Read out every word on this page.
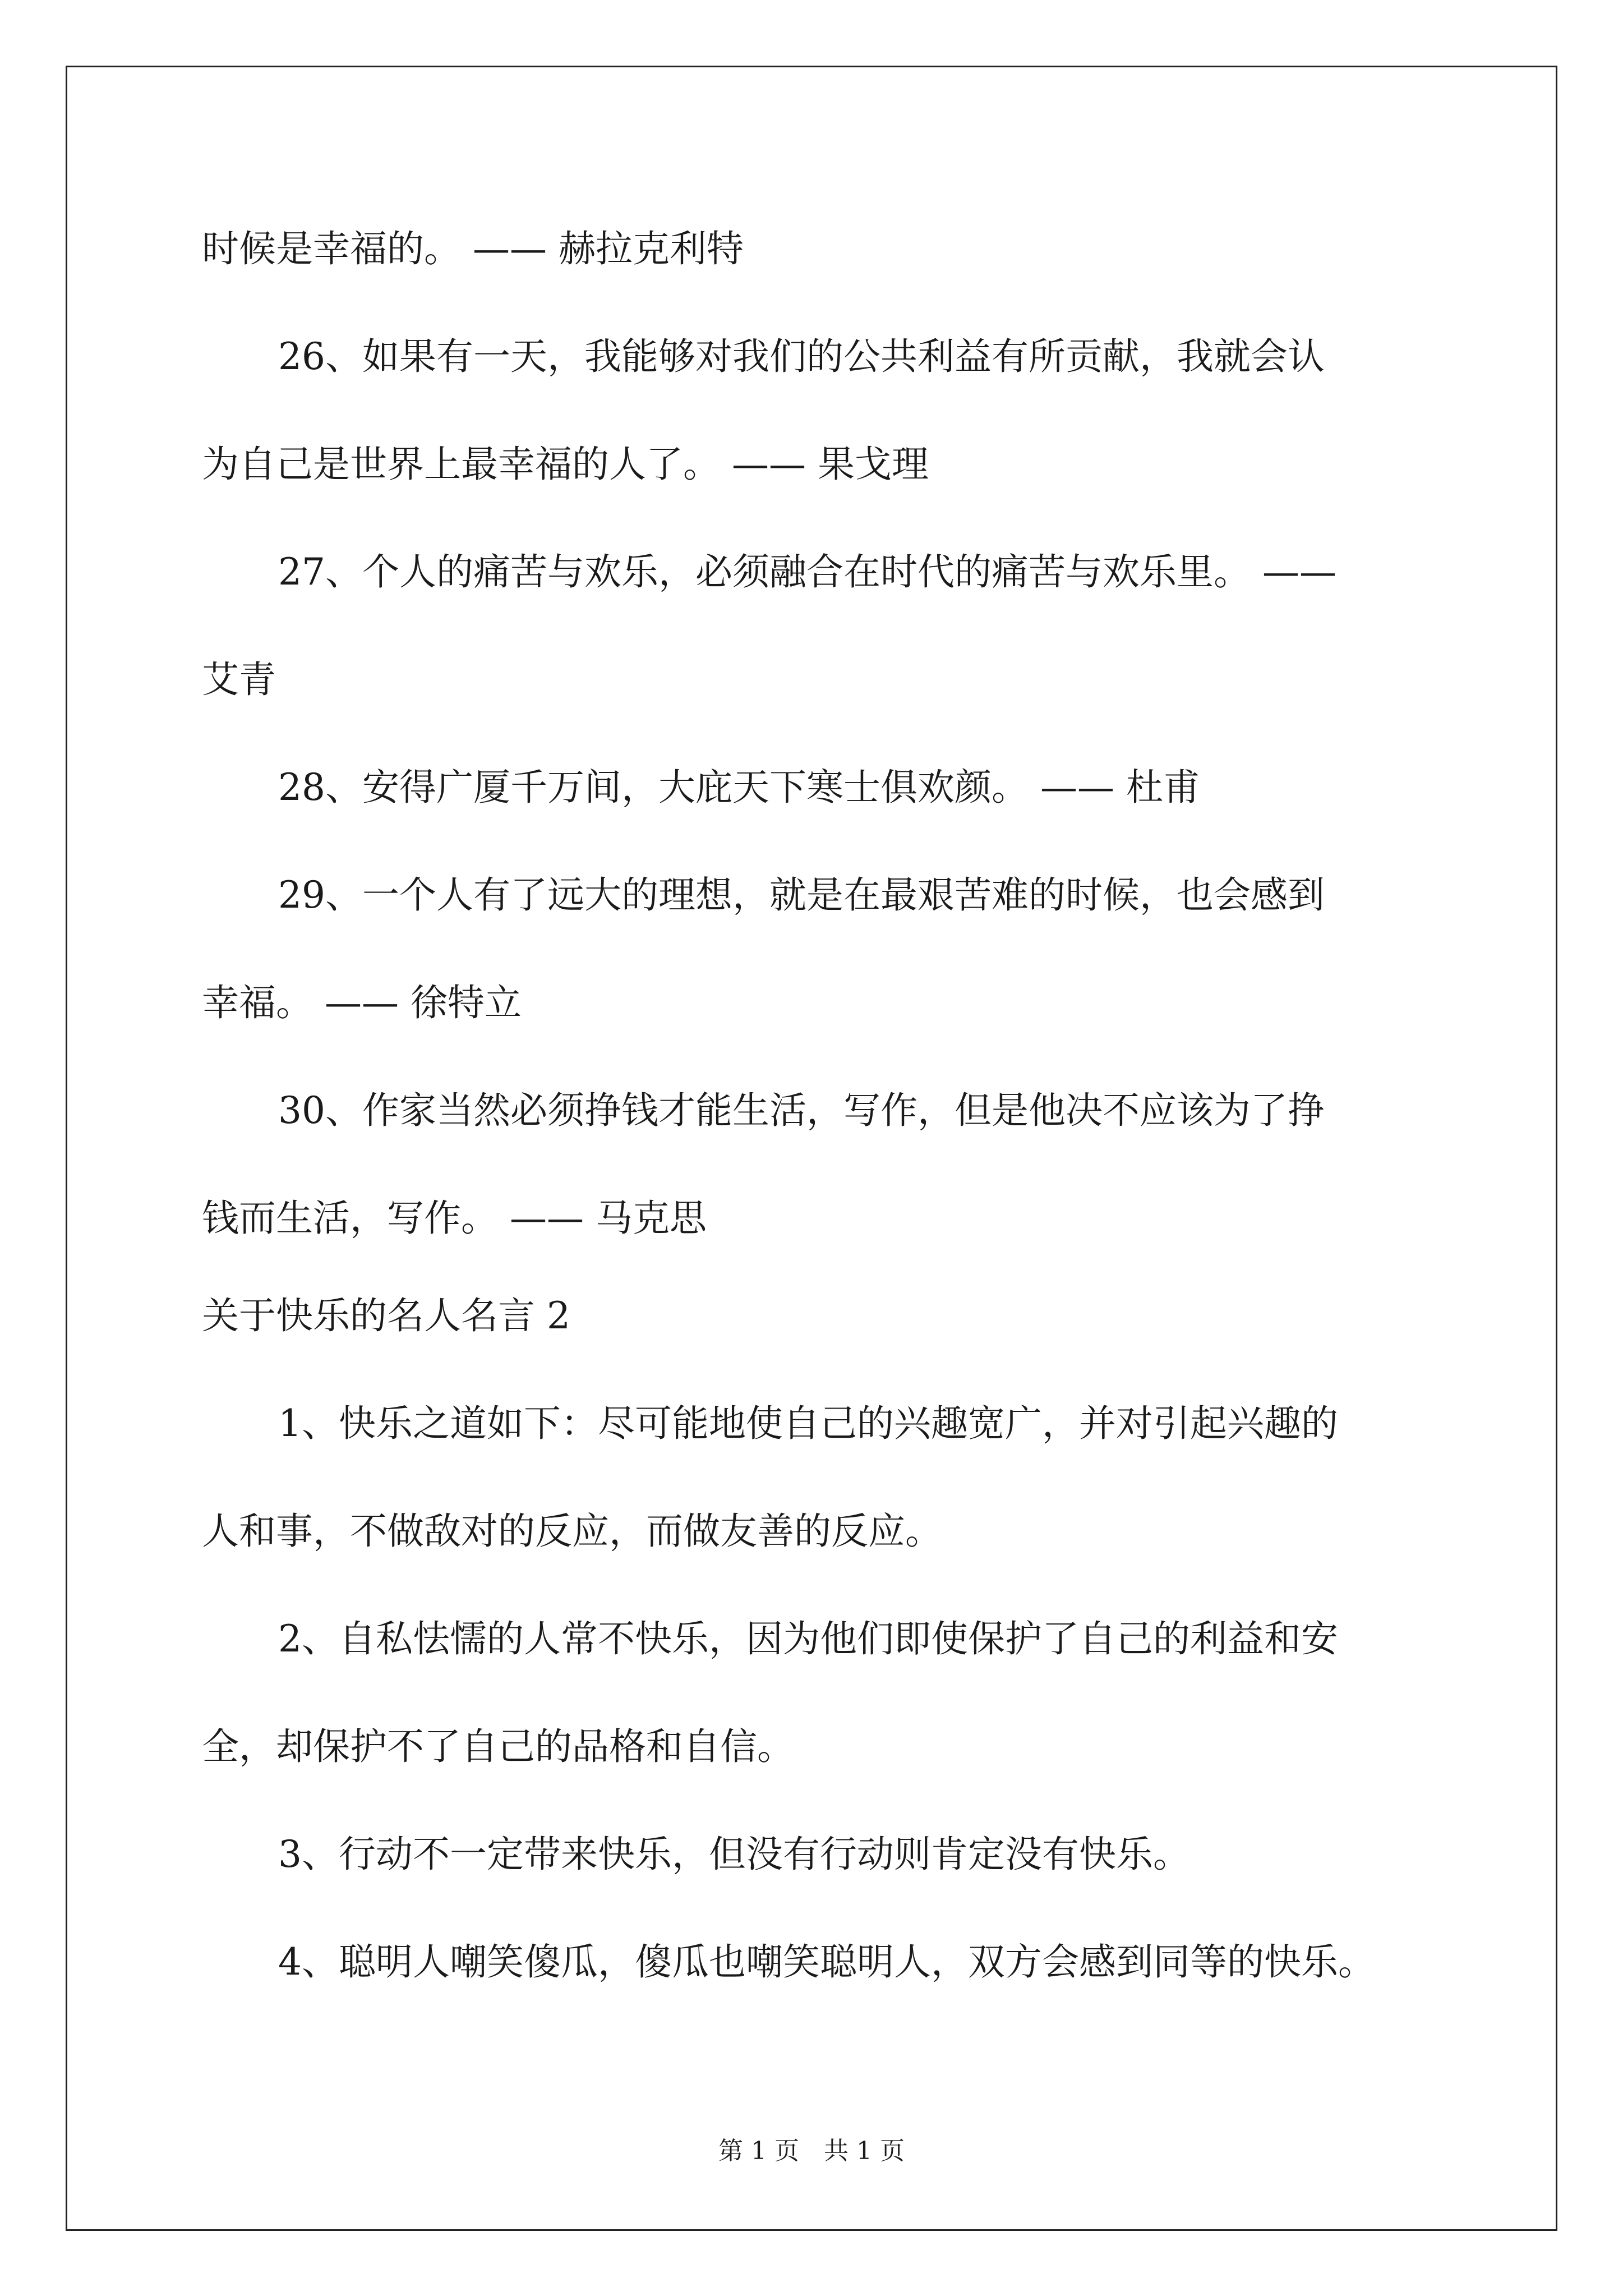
时候是幸福的。 —— 赫拉克利特
26、如果有一天，我能够对我们的公共利益有所贡献，我就会认
为自己是世界上最幸福的人了。 —— 果戈理
27、个人的痛苦与欢乐，必须融合在时代的痛苦与欢乐里。 ——
艾青
28、安得广厦千万间，大庇天下寒士俱欢颜。 —— 杜甫
29、一个人有了远大的理想，就是在最艰苦难的时候，也会感到
幸福。 —— 徐特立
30、作家当然必须挣钱才能生活，写作，但是他决不应该为了挣
钱而生活，写作。 —— 马克思
关于快乐的名人名言 2
1、快乐之道如下：尽可能地使自己的兴趣宽广，并对引起兴趣的
人和事，不做敌对的反应，而做友善的反应。
2、自私怯懦的人常不快乐，因为他们即使保护了自己的利益和安
全，却保护不了自己的品格和自信。
3、行动不一定带来快乐，但没有行动则肯定没有快乐。
4、聪明人嘲笑傻瓜，傻瓜也嘲笑聪明人，双方会感到同等的快乐。
第 1 页　共 1 页
